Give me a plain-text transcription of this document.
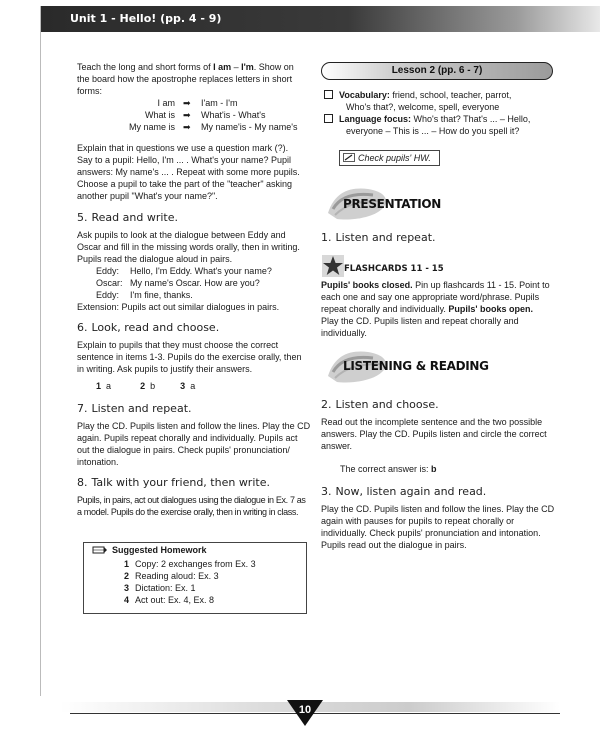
Unit 1 - Hello! (pp. 4 - 9)

Teach the long and short forms of I am – I'm. Show on

the board how the apostrophe replaces letters in short

forms:

I am ➡ I'am - I'm
What is ➡ What'is - What's
My name is ➡ My name'is - My name's

Explain that in questions we use a question mark (?).

Say to a pupil: Hello, I'm ... . What's your name? Pupil

answers: My name's ... . Repeat with some more pupils.

Choose a pupil to take the part of the "teacher" asking

another pupil "What's your name?".

5. Read and write.

Ask pupils to look at the dialogue between Eddy and

Oscar and fill in the missing words orally, then in writing.

Pupils read the dialogue aloud in pairs.

Eddy: Hello, I'm Eddy. What's your name?
Oscar: My name's Oscar. How are you?
Eddy: I'm fine, thanks.

Extension: Pupils act out similar dialogues in pairs.

6. Look, read and choose.

Explain to pupils that they must choose the correct

sentence in items 1-3. Pupils do the exercise orally, then

in writing. Ask pupils to justify their answers.

1 a	2 b	3 a
7. Listen and repeat.

Play the CD. Pupils listen and follow the lines. Play the CD

again. Pupils repeat chorally and individually. Pupils act

out the dialogue in pairs. Check pupils' pronunciation/

intonation.

8. Talk with your friend, then write.

Pupils, in pairs, act out dialogues using the dialogue in Ex. 7 as

a model. Pupils do the exercise orally, then in writing in class.

Suggested Homework
1 Copy: 2 exchanges from Ex. 3
2 Reading aloud: Ex. 3
3 Dictation: Ex. 1
4 Act out: Ex. 4, Ex. 8
Lesson 2 (pp. 6 - 7)
Vocabulary: friend, school, teacher, parrot,

Who's that?, welcome, spell, everyone

Language focus: Who's that? That's ... – Hello,

everyone – This is ... – How do you spell it?

Check pupils' HW.
PRESENTATION
1. Listen and repeat.
FLASHCARDS 11 - 15

Pupils' books closed. Pin up flashcards 11 - 15. Point to

each one and say one appropriate word/phrase. Pupils

repeat chorally and individually. Pupils' books open.

Play the CD. Pupils listen and repeat chorally and

individually.

LISTENING & READING
2. Listen and choose.

Read out the incomplete sentence and the two possible

answers. Play the CD. Pupils listen and circle the correct

answer.

The correct answer is: b

3. Now, listen again and read.

Play the CD. Pupils listen and follow the lines. Play the CD

again with pauses for pupils to repeat chorally or

individually. Check pupils' pronunciation and intonation.

Pupils read out the dialogue in pairs.

10
